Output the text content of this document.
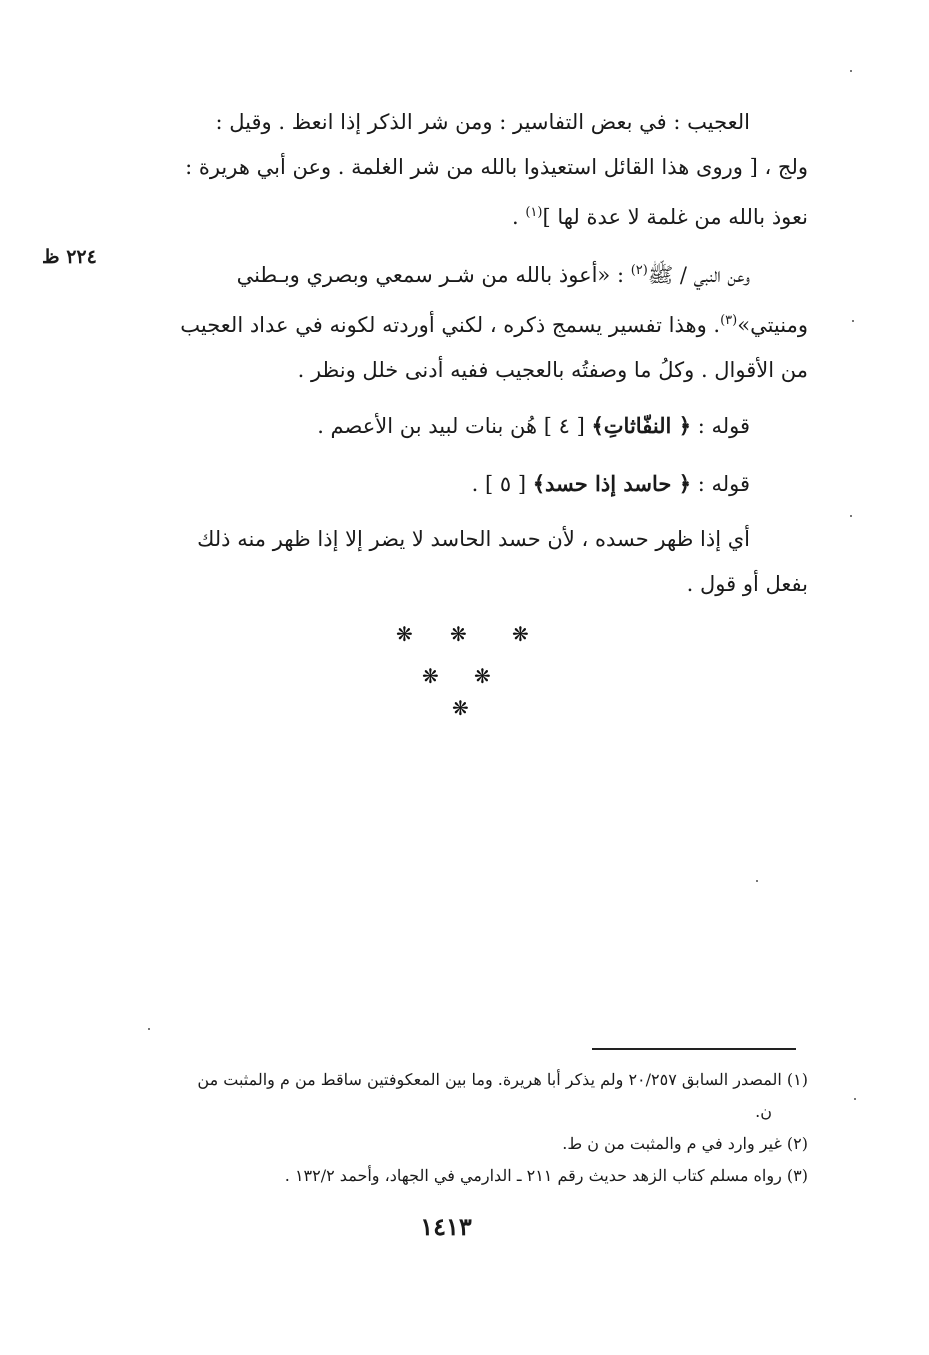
العجيب : في بعض التفاسير : ومن شر الذكر إذا انعظ . وقيل :
ولج ، [ وروى هذا القائل استعيذوا بالله من شر الغلمة . وعن أبي هريرة :
نعوذ بالله من غلمة لا عدة لها ]$^{(١)}$ .

وعن النبي / ﷺ$^{(٢)}$ : «أعوذ بالله من شـر سمعي وبصري وبـطني
ومنيتي»$^{(٣)}$. وهذا تفسير يسمج ذكره ، لكني أوردته لكونه في عداد العجيب
من الأقوال . وكلُ ما وصفتُه بالعجيب ففيه أدنى خلل ونظر .

قوله : ﴿ النفّاثاتِ﴾ [ ٤ ] هُن بنات لبيد بن الأعصم .

قوله : ﴿ حاسد إذا حسد﴾ [ ٥ ] .

أي إذا ظهر حسده ، لأن حسد الحاسد لا يضر إلا إذا ظهر منه ذلك
بفعل أو قول .

٢٢٤ ظ
❋ ❋ ❋
❋ ❋
❋
(١) المصدر السابق ٢٠/٢٥٧ ولم يذكر أبا هريرة. وما بين المعكوفتين ساقط من م والمثبت من
ن.
(٢) غير وارد في م والمثبت من ن ط.
(٣) رواه مسلم كتاب الزهد حديث رقم ٢١١ ـ الدارمي في الجهاد، وأحمد ١٣٢/٢ .
١٤١٣
